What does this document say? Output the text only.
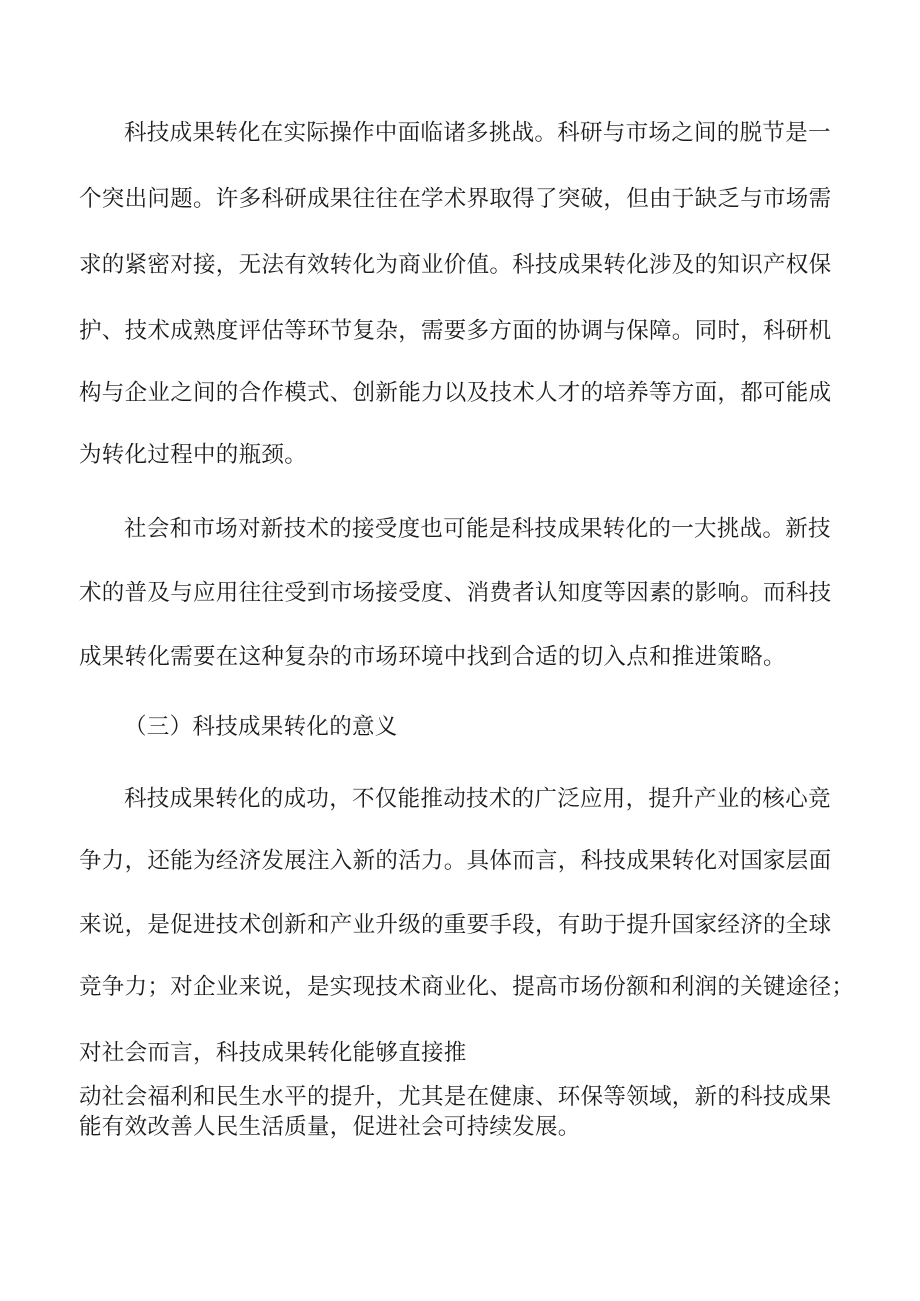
科技成果转化在实际操作中面临诸多挑战。科研与市场之间的脱节是一
个突出问题。许多科研成果往往在学术界取得了突破，但由于缺乏与市场需
求的紧密对接，无法有效转化为商业价值。科技成果转化涉及的知识产权保
护、技术成熟度评估等环节复杂，需要多方面的协调与保障。同时，科研机
构与企业之间的合作模式、创新能力以及技术人才的培养等方面，都可能成
为转化过程中的瓶颈。
社会和市场对新技术的接受度也可能是科技成果转化的一大挑战。新技
术的普及与应用往往受到市场接受度、消费者认知度等因素的影响。而科技
成果转化需要在这种复杂的市场环境中找到合适的切入点和推进策略。
（三）科技成果转化的意义
科技成果转化的成功，不仅能推动技术的广泛应用，提升产业的核心竞
争力，还能为经济发展注入新的活力。具体而言，科技成果转化对国家层面
来说，是促进技术创新和产业升级的重要手段，有助于提升国家经济的全球
竞争力；对企业来说，是实现技术商业化、提高市场份额和利润的关键途径；
对社会而言，科技成果转化能够直接推
动社会福利和民生水平的提升，尤其是在健康、环保等领域，新的科技成果
能有效改善人民生活质量，促进社会可持续发展。
